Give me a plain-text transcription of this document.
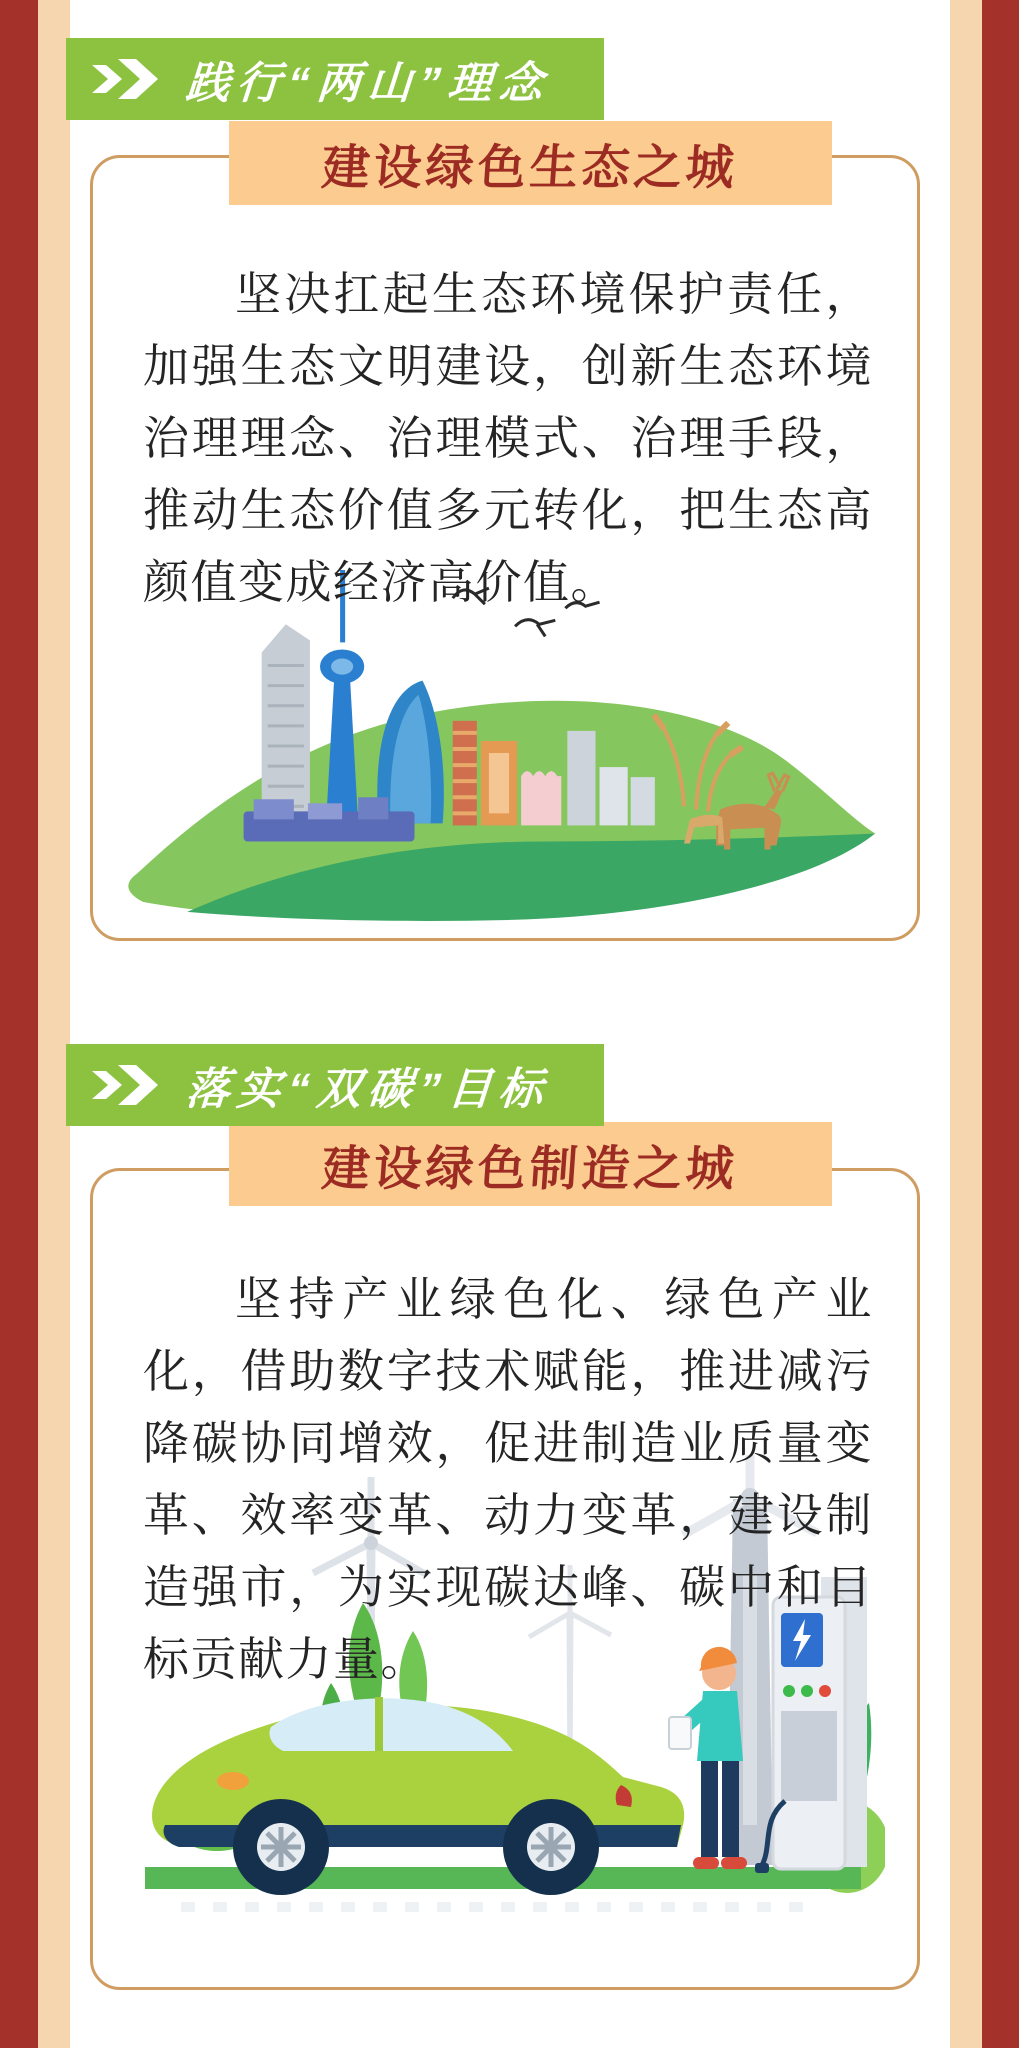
坚决扛起生态环境保护责任，加强生态文明建设，创新生态环境治理理念、治理模式、治理手段，推动生态价值多元转化，把生态高颜值变成经济高价值。

践行“两山”理念
建设绿色生态之城

坚持产业绿色化、绿色产业化，借助数字技术赋能，推进减污降碳协同增效，促进制造业质量变革、效率变革、动力变革，建设制造强市，为实现碳达峰、碳中和目标贡献力量。

落实“双碳”目标
建设绿色制造之城
